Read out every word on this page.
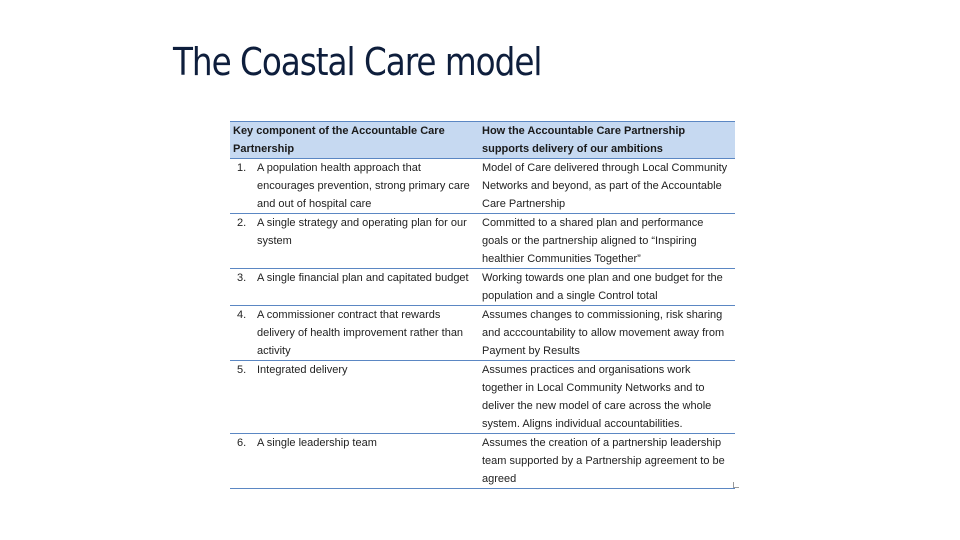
The Coastal Care model
Key component of the Accountable Care Partnership	How the Accountable Care Partnership supports delivery of our ambitions

1. A population health approach that encourages prevention, strong primary care and out of hospital care	Model of Care delivered through Local Community Networks and beyond, as part of the Accountable Care Partnership

2. A single strategy and operating plan for our system	Committed to a shared plan and performance goals or the partnership aligned to “Inspiring healthier Communities Together”

3. A single financial plan and capitated budget	Working towards one plan and one budget for the population and a single Control total

4. A commissioner contract that rewards delivery of health improvement rather than activity	Assumes changes to commissioning, risk sharing and acccountability to allow movement away from Payment by Results

5. Integrated delivery	Assumes practices and organisations work together in Local Community Networks and to deliver the new model of care across the whole system. Aligns individual accountabilities.

6. A single leadership team	Assumes the creation of a partnership leadership team supported by a Partnership agreement to be agreed
